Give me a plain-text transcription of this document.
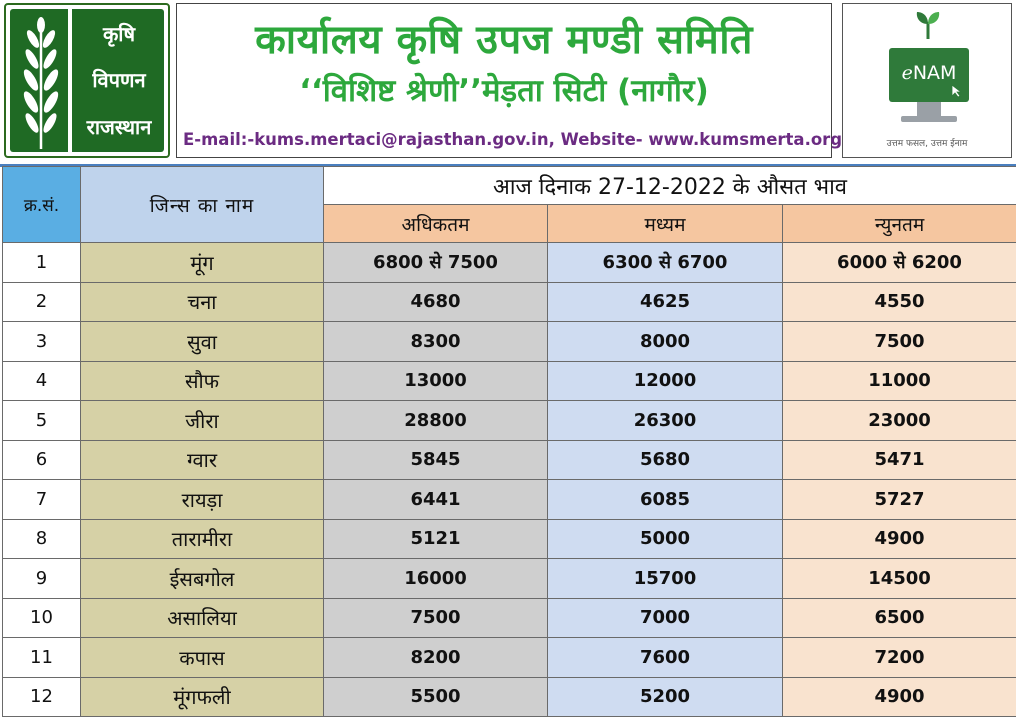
कृषि
विपणन
राजस्थान
कार्यालय कृषि उपज मण्डी समिति
‘‘विशिष्ट श्रेणी’’मेड़ता सिटी (नागौर)
E-mail:-kums.mertaci@rajasthan.gov.in, Website- www.kumsmerta.org
eNAM
उत्तम फसल, उत्तम ईनाम
क्र.सं.	जिन्स का नाम	आज दिनाक 27-12-2022 के औसत भाव		
		अधिकतम	मध्यम	न्युनतम
1	मूंग	6800 से 7500	6300 से 6700	6000 से 6200
2	चना	4680	4625	4550
3	सुवा	8300	8000	7500
4	सौफ	13000	12000	11000
5	जीरा	28800	26300	23000
6	ग्वार	5845	5680	5471
7	रायड़ा	6441	6085	5727
8	तारामीरा	5121	5000	4900
9	ईसबगोल	16000	15700	14500
10	असालिया	7500	7000	6500
11	कपास	8200	7600	7200
12	मूंगफली	5500	5200	4900
